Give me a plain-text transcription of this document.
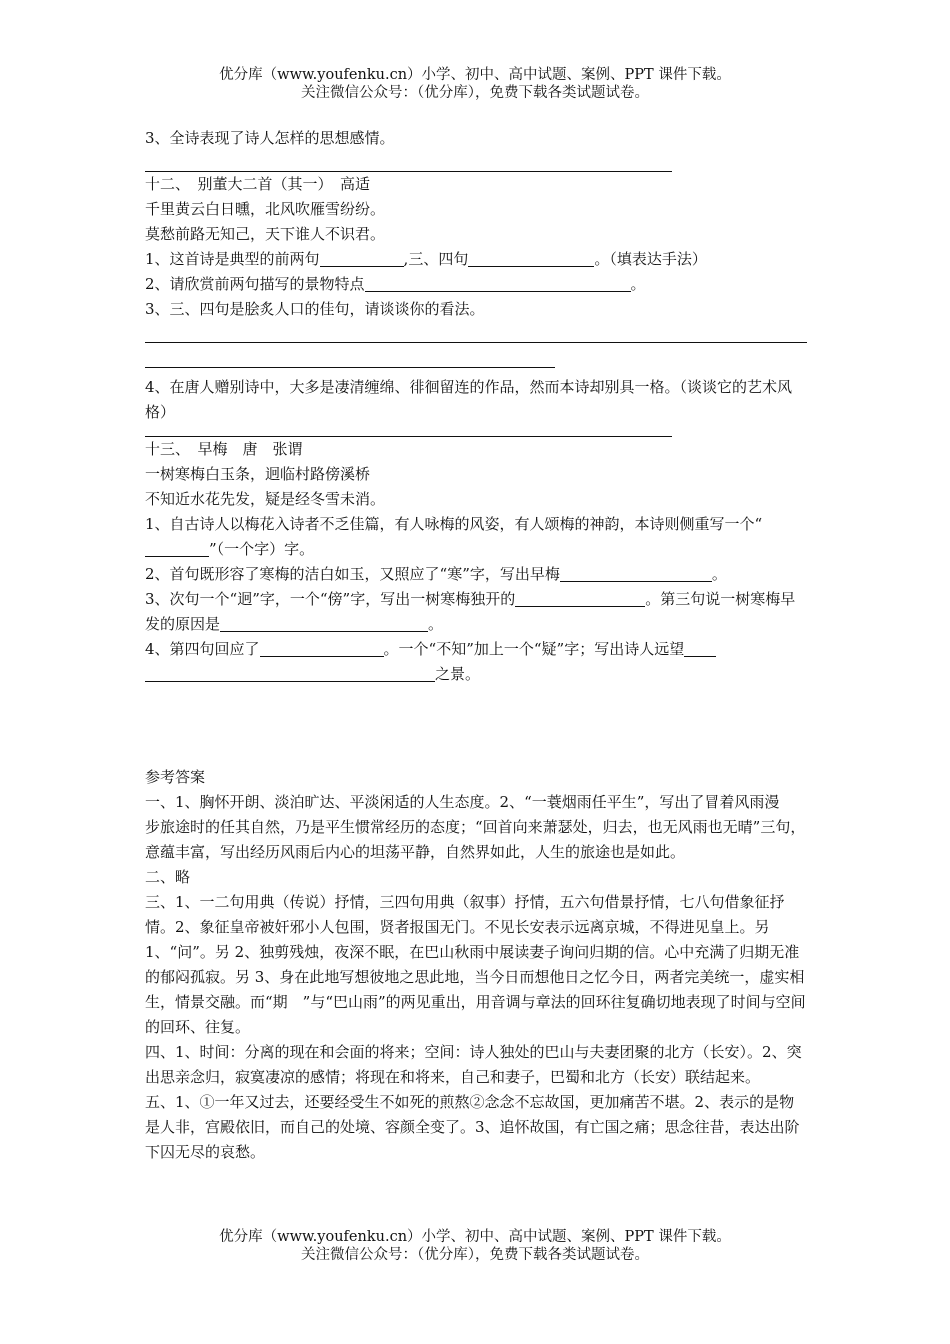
优分库（www.youfenku.cn）小学、初中、高中试题、案例、PPT 课件下载。
关注微信公众号：（优分库），免费下载各类试题试卷。

3、全诗表现了诗人怎样的思想感情。

十二、　别董大二首（其一）　高适

千里黄云白日曛，北风吹雁雪纷纷。

莫愁前路无知己，天下谁人不识君。

1、这首诗是典型的前两句	,三、四句	。（填表达手法）

2、请欣赏前两句描写的景物特点	。

3、三、四句是脍炙人口的佳句，请谈谈你的看法。

4、在唐人赠别诗中，大多是凄清缠绵、徘徊留连的作品，然而本诗却别具一格。（谈谈它的艺术风格）

十三、　早梅　唐　张谓

一树寒梅白玉条，迥临村路傍溪桥

不知近水花先发，疑是经冬雪未消。

1、自古诗人以梅花入诗者不乏佳篇，有人咏梅的风姿，有人颂梅的神韵，本诗则侧重写一个“”（一个字）字。

2、首句既形容了寒梅的洁白如玉，又照应了“寒”字，写出早梅	。

3、次句一个“迥”字，一个“傍”字，写出一树寒梅独开的	。第三句说一树寒梅早发的原因是	。

4、第四句回应了	。一个“不知”加上一个“疑”字；写出诗人远望
之景。

参考答案

一、1、胸怀开朗、淡泊旷达、平淡闲适的人生态度。2、“一蓑烟雨任平生”，写出了冒着风雨漫　步旅途时的任其自然，乃是平生惯常经历的态度；“回首向来萧瑟处，归去，也无风雨也无晴”三句，意蕴丰富，写出经历风雨后内心的坦荡平静，自然界如此，人生的旅途也是如此。

二、略

三、1、一二句用典（传说）抒情，三四句用典（叙事）抒情，五六句借景抒情，七八句借象征抒情。2、象征皇帝被奸邪小人包围，贤者报国无门。不见长安表示远离京城，不得进见皇上。另 1、“问”。另 2、独剪残烛，夜深不眠，在巴山秋雨中展读妻子询问归期的信。心中充满了归期无准的郁闷孤寂。另 3、身在此地写想彼地之思此地，当今日而想他日之忆今日，两者完美统一，虚实相生，情景交融。而“期　”与“巴山雨”的两见重出，用音调与章法的回环往复确切地表现了时间与空间的回环、往复。

四、1、时间：分离的现在和会面的将来；空间：诗人独处的巴山与夫妻团聚的北方（长安）。2、突出思亲念归，寂寞凄凉的感情；将现在和将来，自己和妻子，巴蜀和北方（长安）联结起来。

五、1、①一年又过去，还要经受生不如死的煎熬②念念不忘故国，更加痛苦不堪。2、表示的是物是人非，宫殿依旧，而自己的处境、容颜全变了。3、追怀故国，有亡国之痛；思念往昔，表达出阶下囚无尽的哀愁。

优分库（www.youfenku.cn）小学、初中、高中试题、案例、PPT 课件下载。
关注微信公众号：（优分库），免费下载各类试题试卷。
